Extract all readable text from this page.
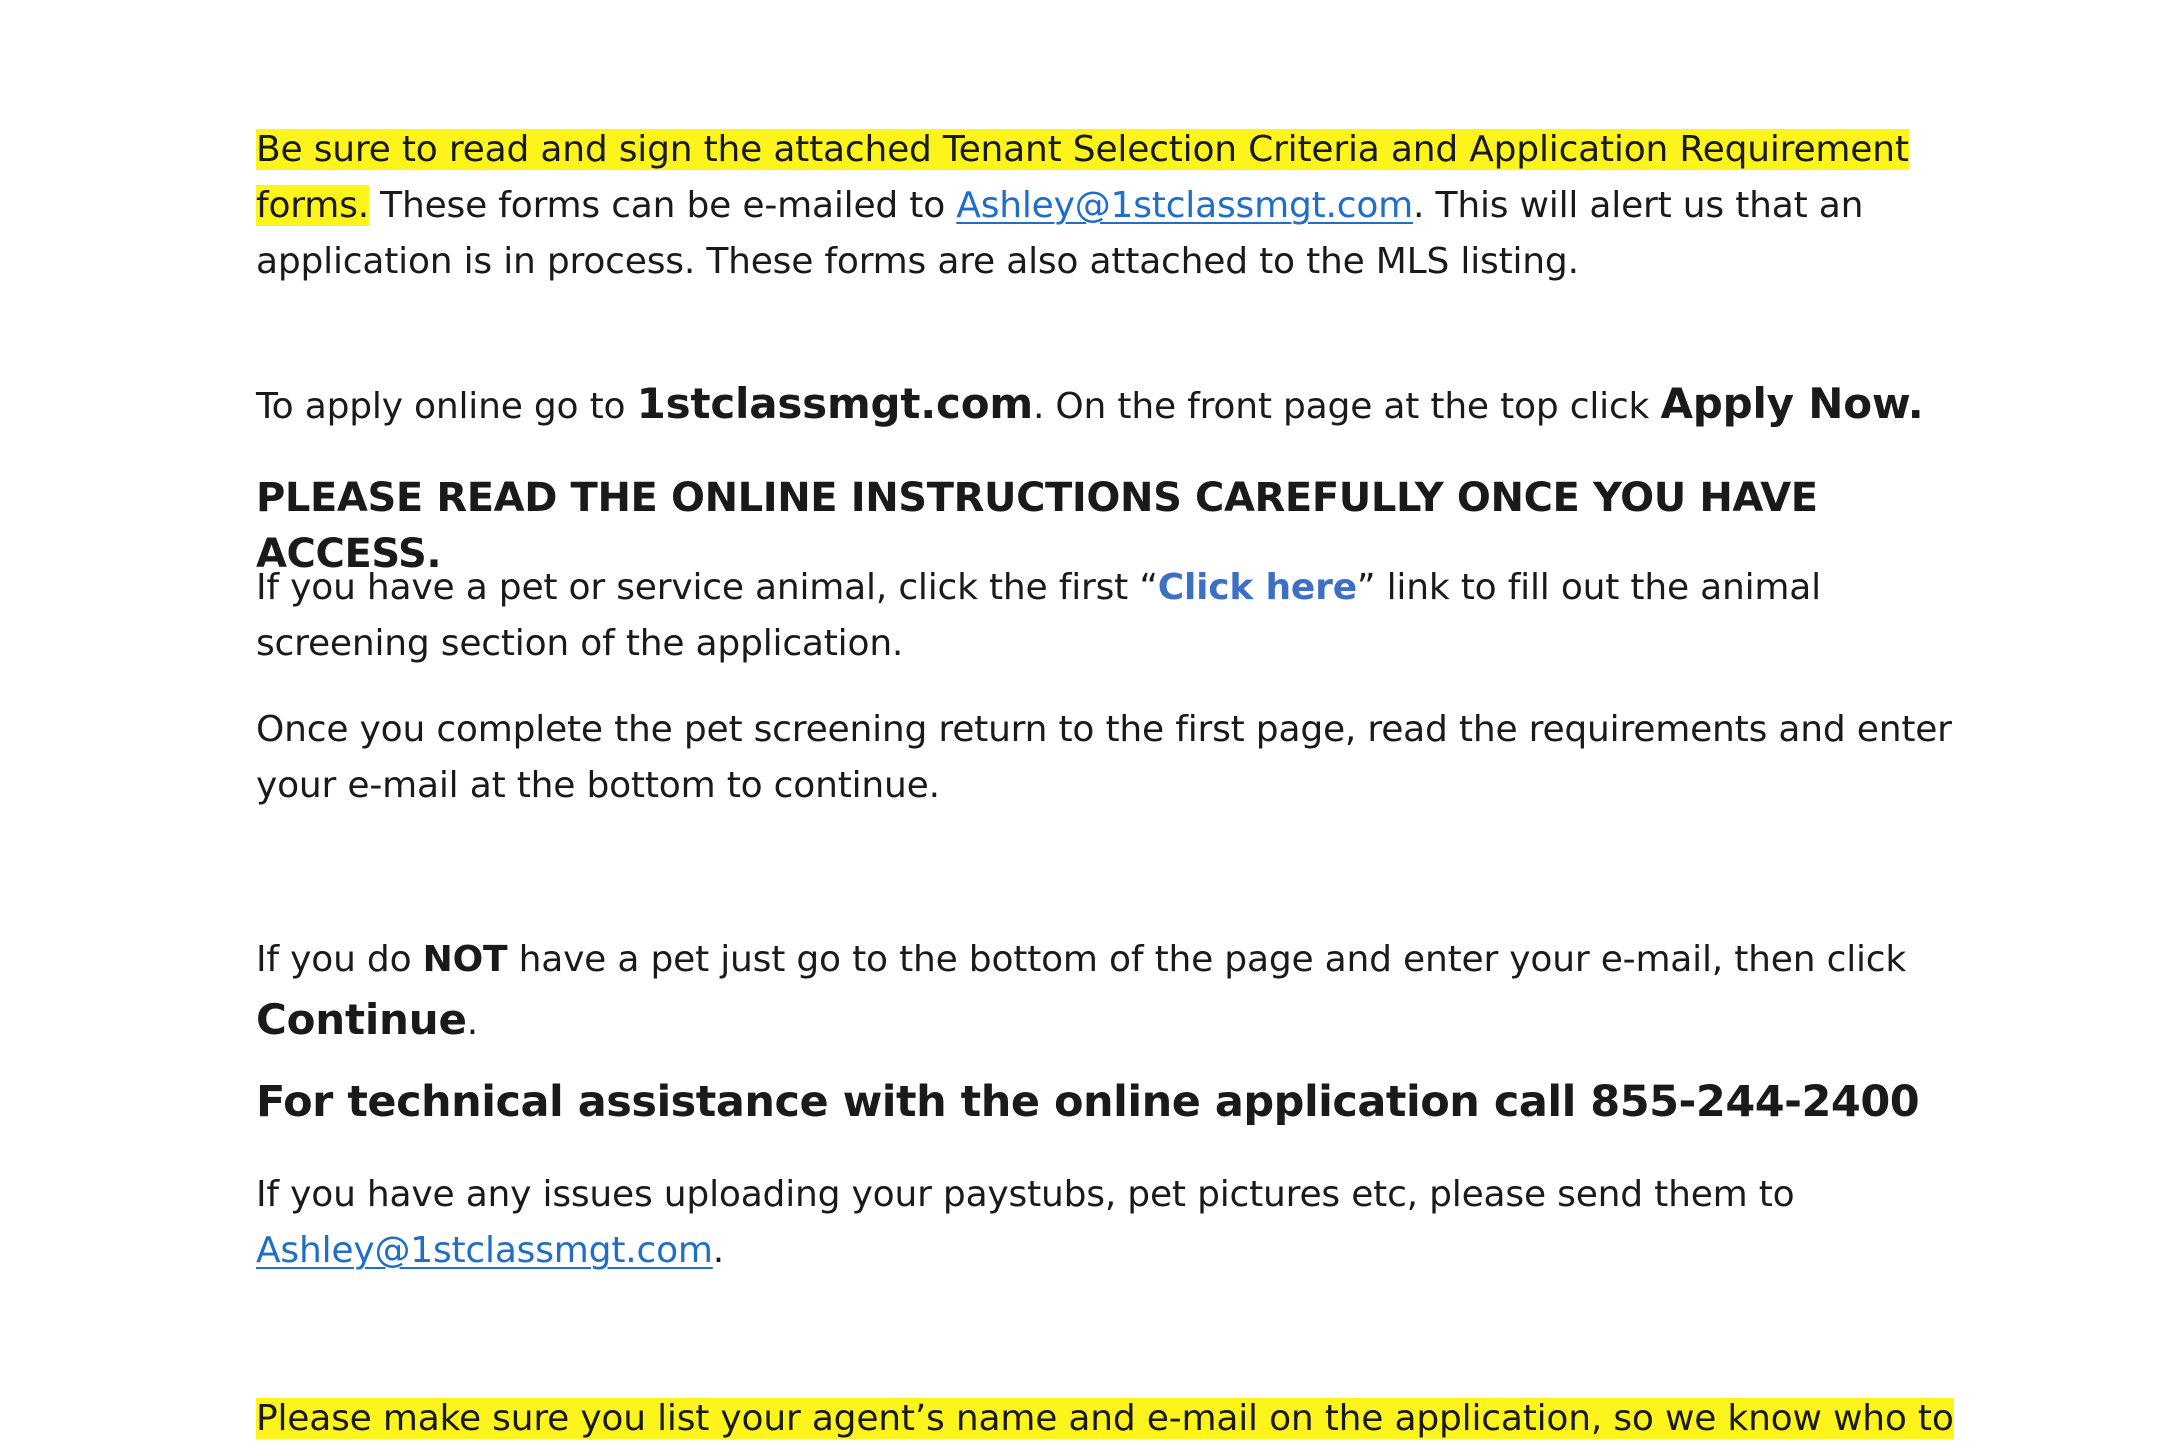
Be sure to read and sign the attached Tenant Selection Criteria and Application Requirement forms. These forms can be e-mailed to Ashley@1stclassmgt.com. This will alert us that an application is in process. These forms are also attached to the MLS listing.

To apply online go to 1stclassmgt.com. On the front page at the top click Apply Now.

PLEASE READ THE ONLINE INSTRUCTIONS CAREFULLY ONCE YOU HAVE ACCESS.

If you have a pet or service animal, click the first “Click here” link to fill out the animal screening section of the application.

Once you complete the pet screening return to the first page, read the requirements and enter your e-mail at the bottom to continue.

If you do NOT have a pet just go to the bottom of the page and enter your e-mail, then click Continue.

For technical assistance with the online application call 855-244-2400

If you have any issues uploading your paystubs, pet pictures etc, please send them to Ashley@1stclassmgt.com.

Please make sure you list your agent’s name and e-mail on the application, so we know who to
